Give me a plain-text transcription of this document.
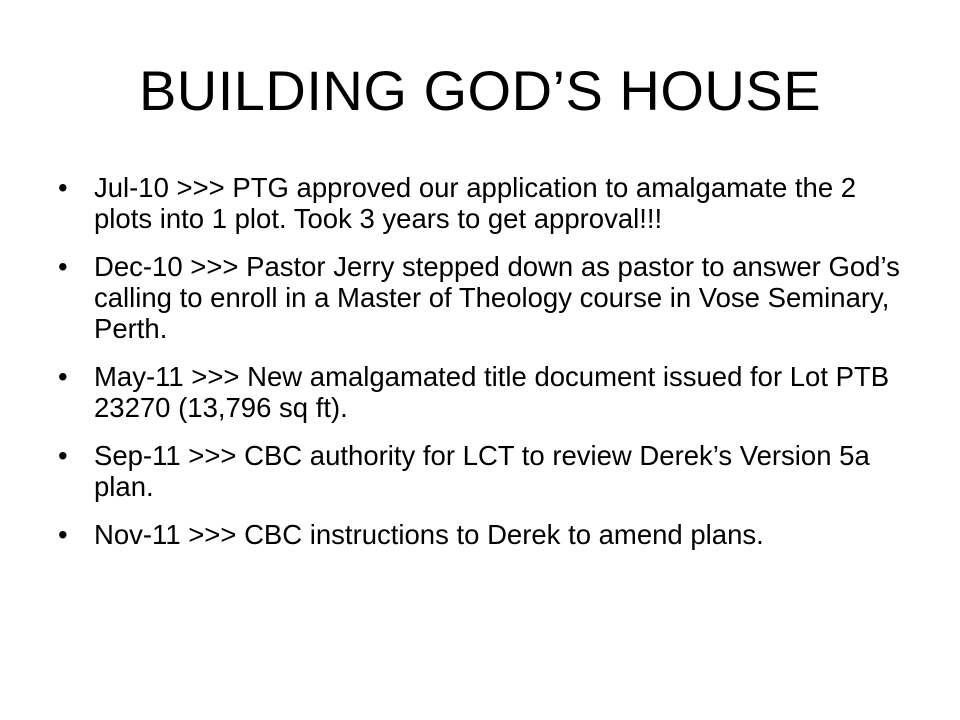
BUILDING GOD’S HOUSE
• Jul-10 >>> PTG approved our application to amalgamate the 2 plots into 1 plot. Took 3 years to get approval!!!
• Dec-10 >>> Pastor Jerry stepped down as pastor to answer God’s calling to enroll in a Master of Theology course in Vose Seminary, Perth.
• May-11 >>> New amalgamated title document issued for Lot PTB 23270 (13,796 sq ft).
• Sep-11 >>> CBC authority for LCT to review Derek’s Version 5a plan.
• Nov-11 >>> CBC instructions to Derek to amend plans.
